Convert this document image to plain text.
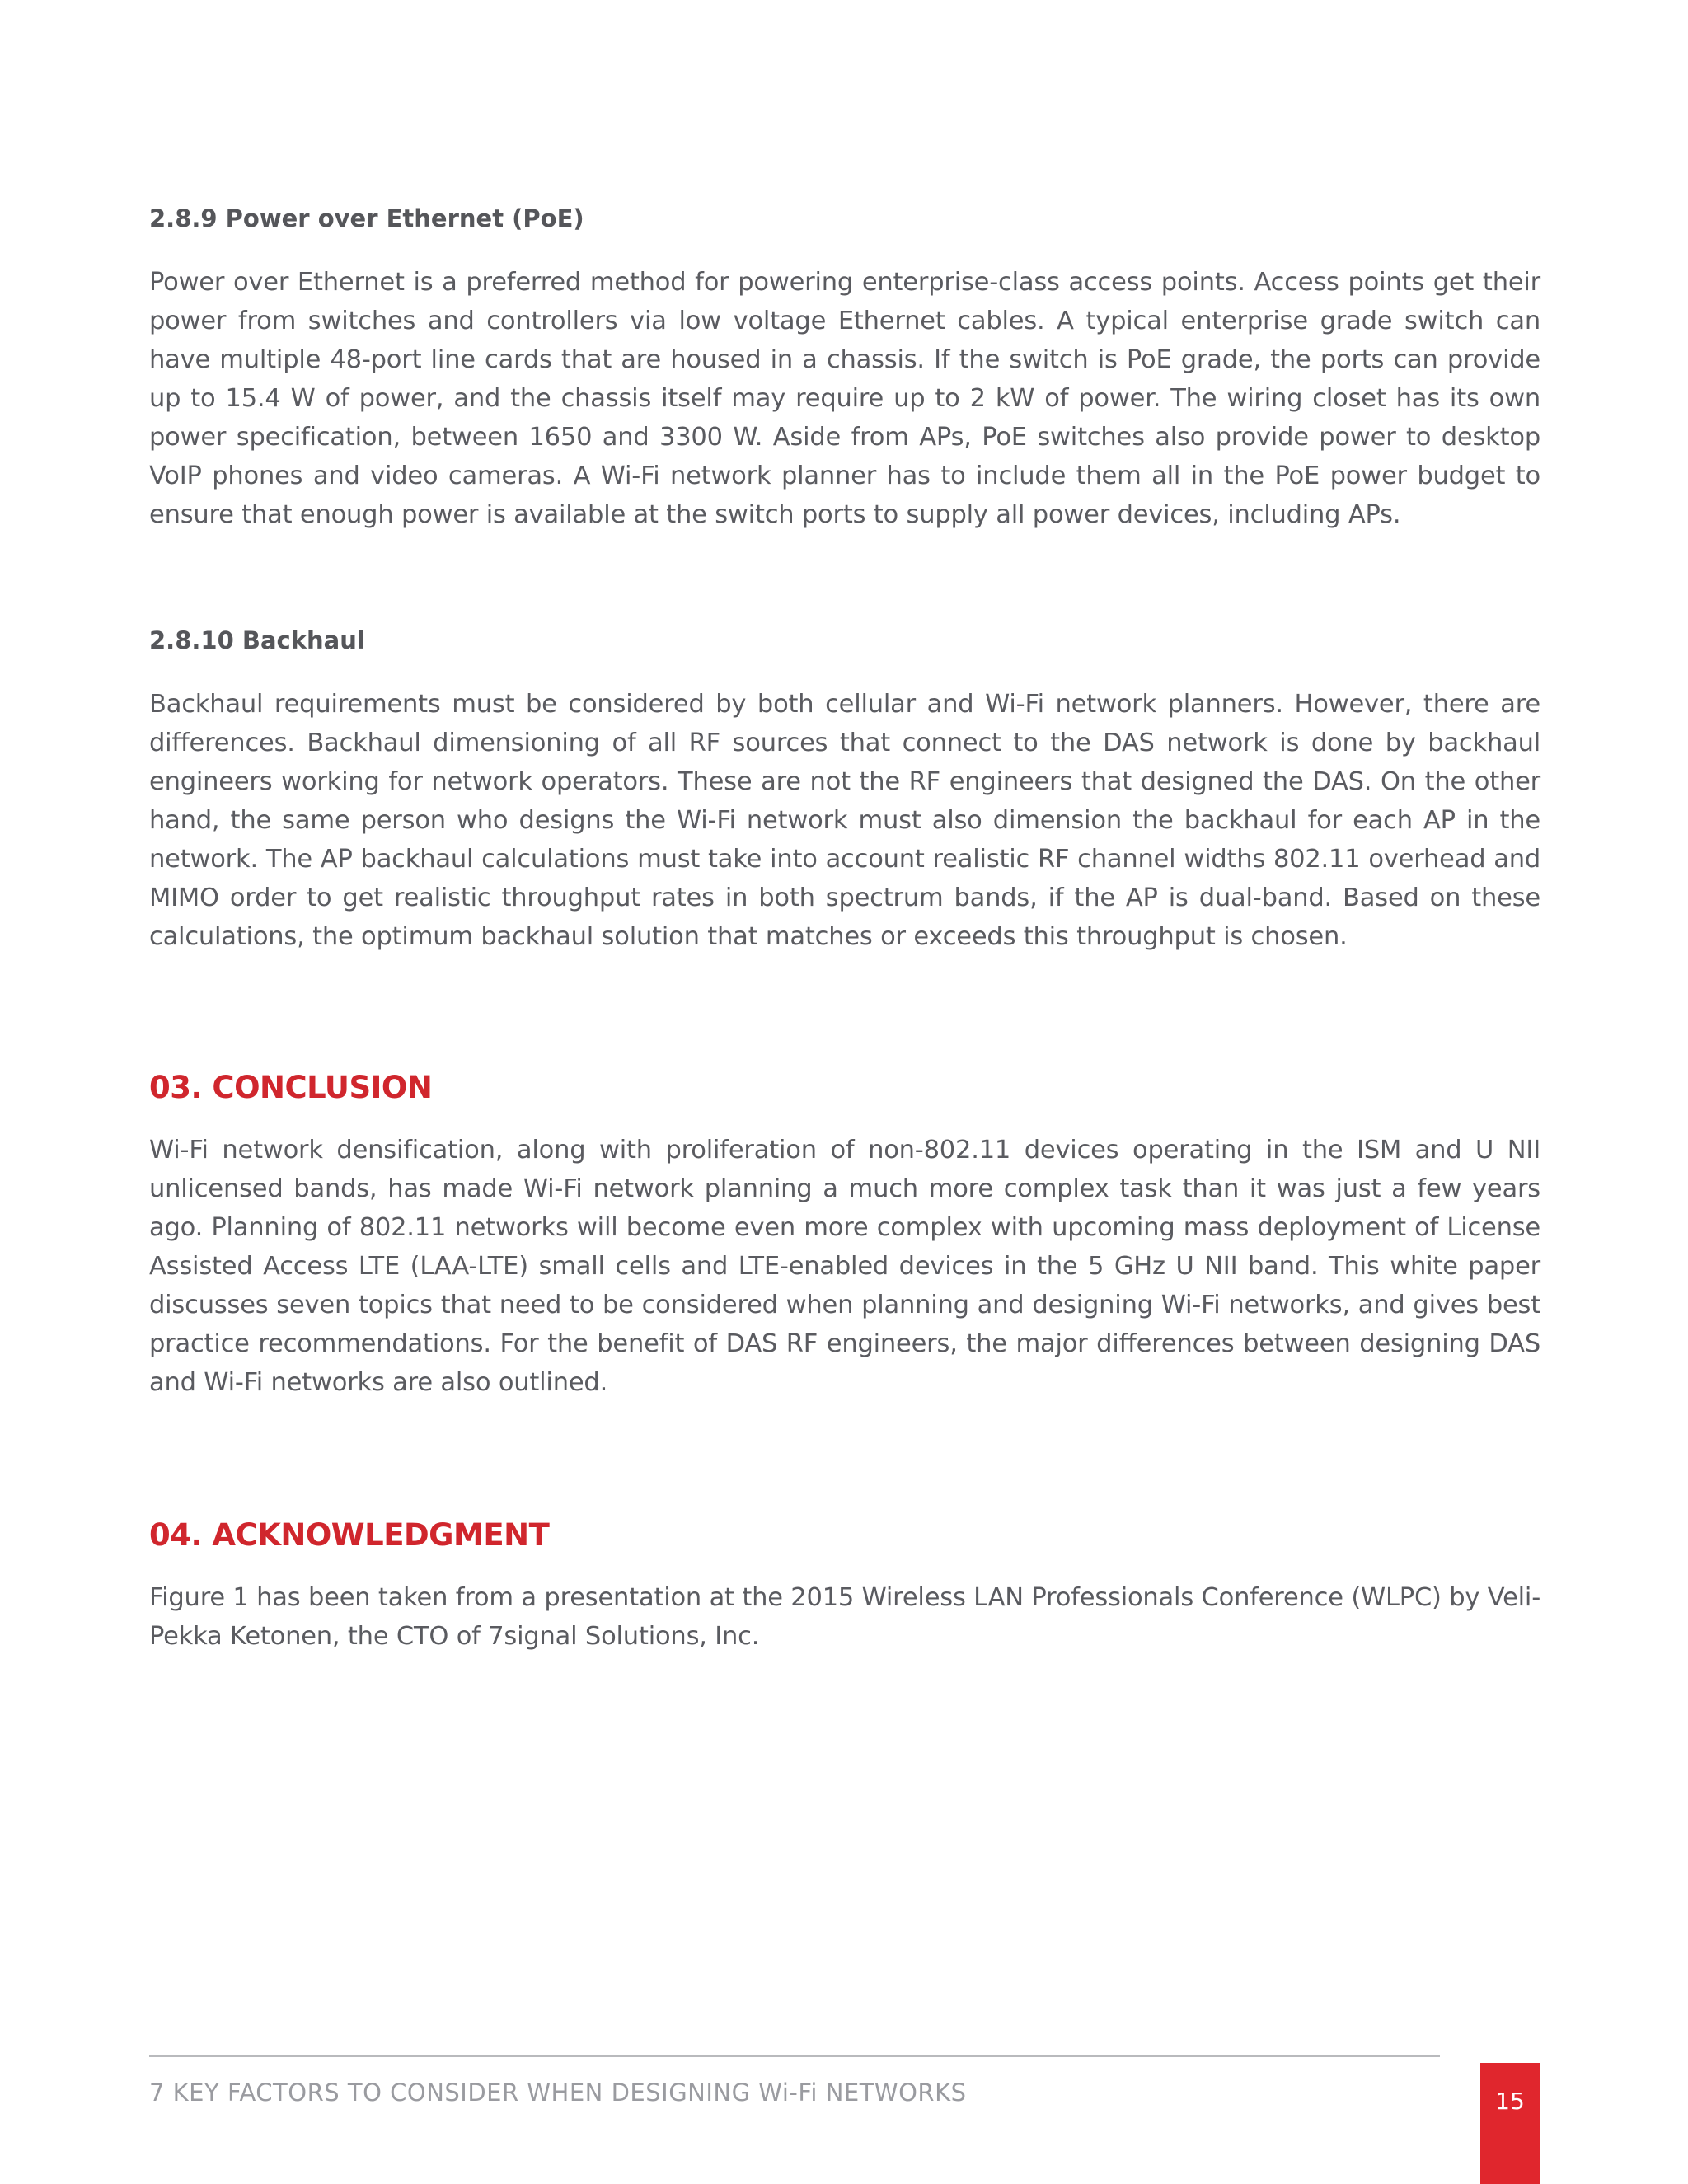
2.8.9 Power over Ethernet (PoE)

Power over Ethernet is a preferred method for powering enterprise-class access points. Access points get their power from switches and controllers via low voltage Ethernet cables. A typical enterprise grade switch can have multiple 48-port line cards that are housed in a chassis. If the switch is PoE grade, the ports can provide up to 15.4 W of power, and the chassis itself may require up to 2 kW of power. The wiring closet has its own power specification, between 1650 and 3300 W. Aside from APs, PoE switches also provide power to desktop VoIP phones and video cameras. A Wi-Fi network planner has to include them all in the PoE power budget to ensure that enough power is available at the switch ports to supply all power devices, including APs.

2.8.10 Backhaul

Backhaul requirements must be considered by both cellular and Wi-Fi network planners. However, there are differences. Backhaul dimensioning of all RF sources that connect to the DAS network is done by backhaul engineers working for network operators. These are not the RF engineers that designed the DAS. On the other hand, the same person who designs the Wi-Fi network must also dimension the backhaul for each AP in the network. The AP backhaul calculations must take into account realistic RF channel widths 802.11 overhead and MIMO order to get realistic throughput rates in both spectrum bands, if the AP is dual-band. Based on these calculations, the optimum backhaul solution that matches or exceeds this throughput is chosen.

03. CONCLUSION

Wi-Fi network densification, along with proliferation of non-802.11 devices operating in the ISM and U NII unlicensed bands, has made Wi-Fi network planning a much more complex task than it was just a few years ago. Planning of 802.11 networks will become even more complex with upcoming mass deployment of License Assisted Access LTE (LAA-LTE) small cells and LTE-enabled devices in the 5 GHz U NII band. This white paper discusses seven topics that need to be considered when planning and designing Wi-Fi networks, and gives best practice recommendations. For the benefit of DAS RF engineers, the major differences between designing DAS and Wi-Fi networks are also outlined.

04. ACKNOWLEDGMENT

Figure 1 has been taken from a presentation at the 2015 Wireless LAN Professionals Conference (WLPC) by Veli-Pekka Ketonen, the CTO of 7signal Solutions, Inc.

7 KEY FACTORS TO CONSIDER WHEN DESIGNING Wi-Fi NETWORKS	15
